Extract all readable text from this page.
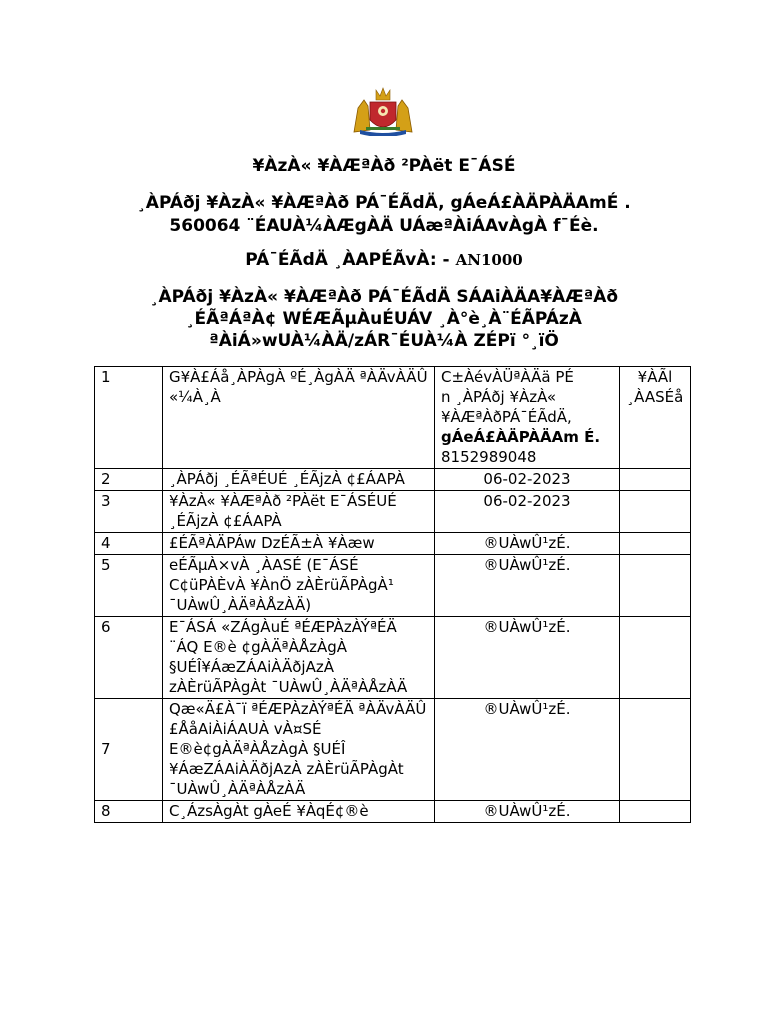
¥ÀzÀ« ¥ÀÆªÀð ²PÀët E¯ÁSÉ
¸ÀPÁðj ¥ÀzÀ« ¥ÀÆªÀð PÁ¯ÉÃdÄ, gÁeÁ£ÀÄPÀÄAmÉ .
560064 ¨ÉAUÀ¼ÀÆgÀÄ UÁæªÀiÁAvÀgÀ f¯Éè.
PÁ¯ÉÃdÄ ¸ÀAPÉÃvÀ: - AN1000
¸ÀPÁðj ¥ÀzÀ« ¥ÀÆªÀð PÁ¯ÉÃdÄ SÁAiÀÄA¥ÀÆªÀð
¸ÉÃªÁªÀ¢ WÉÆÃµÀuÉUÁV ¸À°è¸À¨ÉÃPÁzÀ
ªÀiÁ»wUÀ¼ÀÄ/zÁR¯ÉUÀ¼À ZÉPï °¸ïÖ
1	G¥À£Áå¸ÀPÀgÀ ºÉ¸ÀgÀÄ ªÀÄvÀÄÛ «¼À¸À	C±ÀévÀÜªÀÄä PÉ
n ¸ÀPÁðj ¥ÀzÀ«
¥ÀÆªÀðPÁ¯ÉÃdÄ,
gÁeÁ£ÀÄPÀÄAm É.
8152989048	¥ÀÃl ¸ÀASÉå
2	¸ÀPÁðj ¸ÉÃªÉUÉ ¸ÉÃjzÀ ¢£ÁAPÀ	06-02-2023	
3	¥ÀzÀ« ¥ÀÆªÀð ²PÀët E¯ÁSÉUÉ ¸ÉÃjzÀ ¢£ÁAPÀ	06-02-2023	
4	£ÉÃªÀÄPÁw DzÉÃ±À ¥Àæw	®UÀwÛ¹zÉ.	
5	eÉÃµÀ×vÀ ¸ÀASÉ (E¯ÁSÉ C¢üPÀÈvÀ ¥ÀnÖ zÀÈrüÃPÀgÀ¹ ¯UÀwÛ¸ÀÄªÀÅzÀÄ)	®UÀwÛ¹zÉ.	
6	E¯ÁSÁ «ZÁgÀuÉ ªÉÆPÀzÀÝªÉÄ ¨ÁQ E®è ¢gÀÄªÀÅzÀgÀ §UÉÎ¥ÁæZÁAiÀÄðjAzÀ zÀÈrüÃPÀgÀt ¯UÀwÛ¸ÀÄªÀÅzÀÄ	®UÀwÛ¹zÉ.	
7	Qæ«Ä£À¯ï ªÉÆPÀzÀÝªÉÄ ªÀÄvÀÄÛ £ÅåAiÀiÁAUÀ vÀ¤SÉ E®è¢gÀÄªÀÅzÀgÀ §UÉÎ ¥ÁæZÁAiÀÄðjAzÀ zÀÈrüÃPÀgÀt ¯UÀwÛ¸ÀÄªÀÅzÀÄ	®UÀwÛ¹zÉ.	
8	C¸ÁzsÀgÀt gÀeÉ ¥ÀqÉ¢®è	®UÀwÛ¹zÉ.	
